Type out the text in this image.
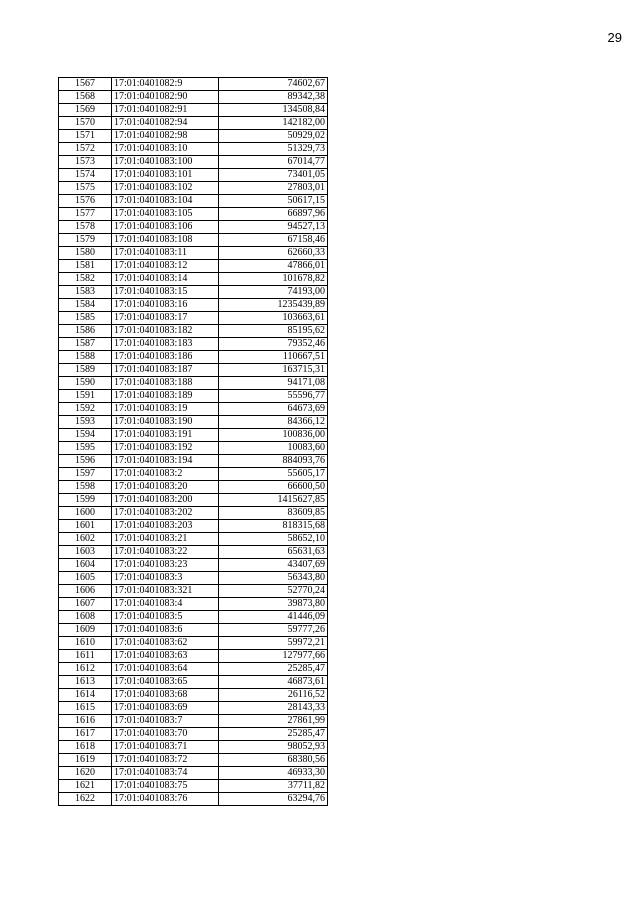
29
1567	17:01:0401082:9	74602,67
1568	17:01:0401082:90	89342,38
1569	17:01:0401082:91	134508,84
1570	17:01:0401082:94	142182,00
1571	17:01:0401082:98	50929,02
1572	17:01:0401083:10	51329,73
1573	17:01:0401083:100	67014,77
1574	17:01:0401083:101	73401,05
1575	17:01:0401083:102	27803,01
1576	17:01:0401083:104	50617,15
1577	17:01:0401083:105	66897,96
1578	17:01:0401083:106	94527,13
1579	17:01:0401083:108	67158,46
1580	17:01:0401083:11	62660,33
1581	17:01:0401083:12	47866,01
1582	17:01:0401083:14	101678,82
1583	17:01:0401083:15	74193,00
1584	17:01:0401083:16	1235439,89
1585	17:01:0401083:17	103663,61
1586	17:01:0401083:182	85195,62
1587	17:01:0401083:183	79352,46
1588	17:01:0401083:186	110667,51
1589	17:01:0401083:187	163715,31
1590	17:01:0401083:188	94171,08
1591	17:01:0401083:189	55596,77
1592	17:01:0401083:19	64673,69
1593	17:01:0401083:190	84366,12
1594	17:01:0401083:191	100836,00
1595	17:01:0401083:192	10083,60
1596	17:01:0401083:194	884093,76
1597	17:01:0401083:2	55605,17
1598	17:01:0401083:20	66600,50
1599	17:01:0401083:200	1415627,85
1600	17:01:0401083:202	83609,85
1601	17:01:0401083:203	818315,68
1602	17:01:0401083:21	58652,10
1603	17:01:0401083:22	65631,63
1604	17:01:0401083:23	43407,69
1605	17:01:0401083:3	56343,80
1606	17:01:0401083:321	52770,24
1607	17:01:0401083:4	39873,80
1608	17:01:0401083:5	41446,09
1609	17:01:0401083:6	59777,26
1610	17:01:0401083:62	59972,21
1611	17:01:0401083:63	127977,66
1612	17:01:0401083:64	25285,47
1613	17:01:0401083:65	46873,61
1614	17:01:0401083:68	26116,52
1615	17:01:0401083:69	28143,33
1616	17:01:0401083:7	27861,99
1617	17:01:0401083:70	25285,47
1618	17:01:0401083:71	98052,93
1619	17:01:0401083:72	68380,56
1620	17:01:0401083:74	46933,30
1621	17:01:0401083:75	37711,82
1622	17:01:0401083:76	63294,76
